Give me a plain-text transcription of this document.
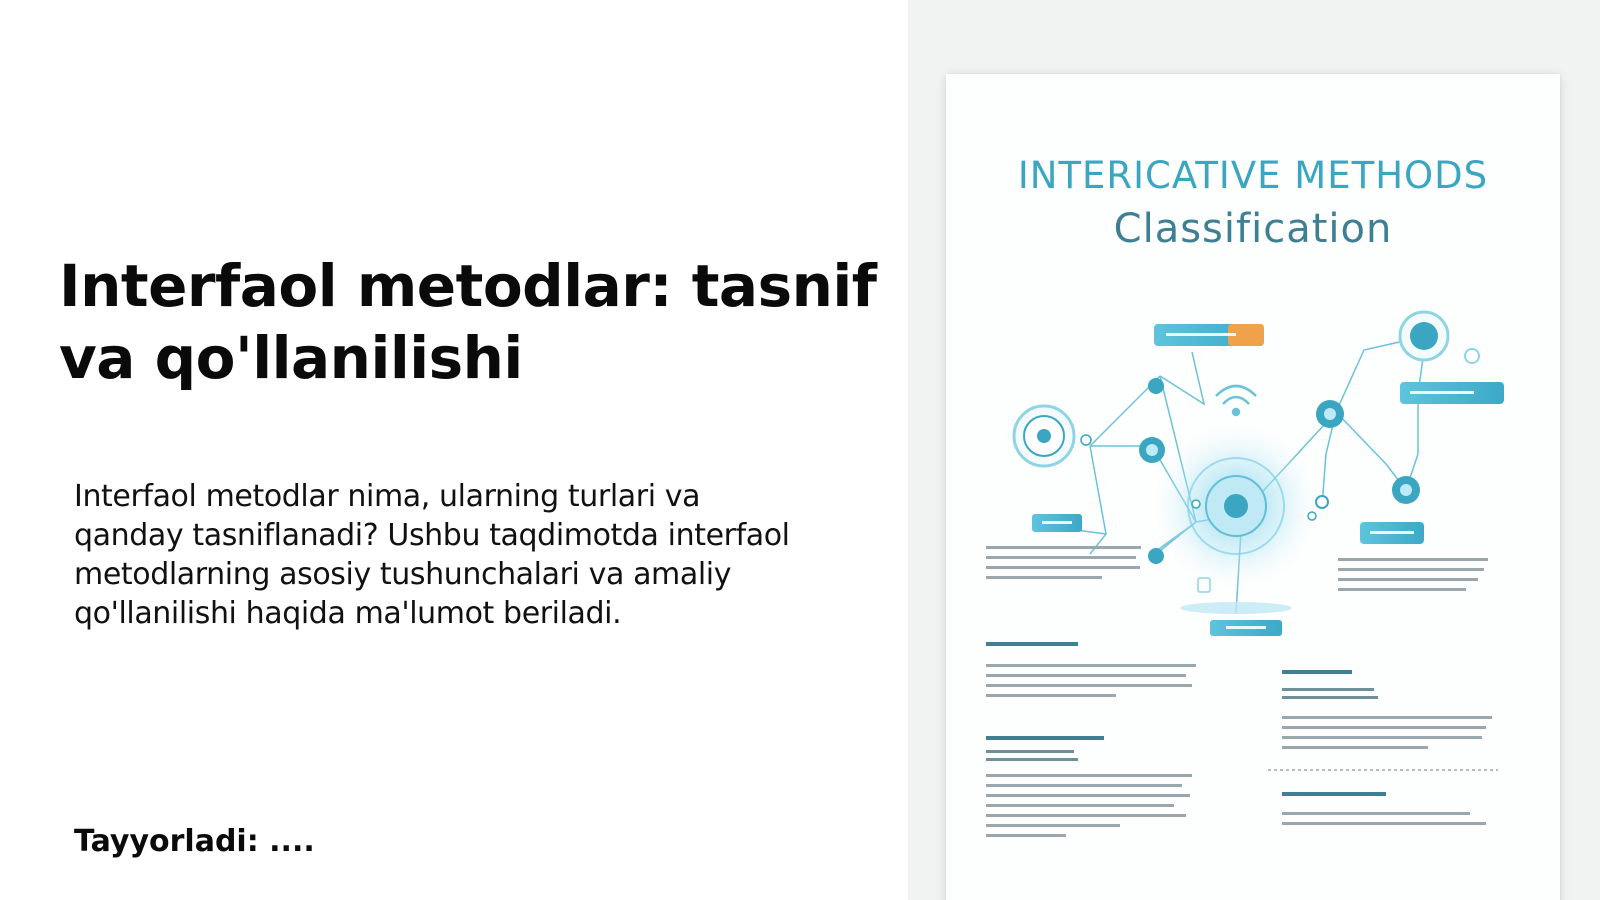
Interfaol metodlar: tasnif va qo'llanilishi

Interfaol metodlar nima, ularning turlari va qanday tasniflanadi? Ushbu taqdimotda interfaol metodlarning asosiy tushunchalari va amaliy qo'llanilishi haqida ma'lumot beriladi.

Tayyorladi: ....
INTERICATIVE METHODS
Classification
